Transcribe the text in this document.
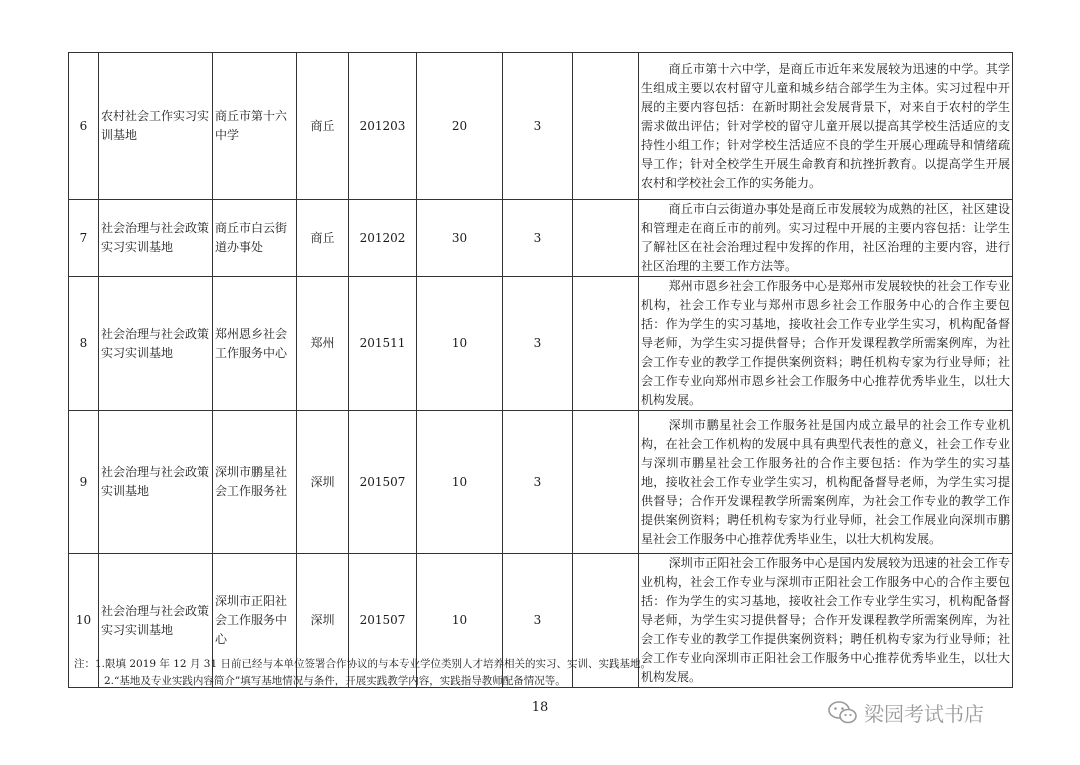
6	农村社会工作实习实训基地	商丘市第十六中学	商丘	201203	20	3		商丘市第十六中学，是商丘市近年来发展较为迅速的中学。其学生组成主要以农村留守儿童和城乡结合部学生为主体。实习过程中开展的主要内容包括：在新时期社会发展背景下，对来自于农村的学生需求做出评估；针对学校的留守儿童开展以提高其学校生活适应的支持性小组工作；针对学校生活适应不良的学生开展心理疏导和情绪疏导工作；针对全校学生开展生命教育和抗挫折教育。以提高学生开展农村和学校社会工作的实务能力。

7	社会治理与社会政策实习实训基地	商丘市白云街道办事处	商丘	201202	30	3		商丘市白云街道办事处是商丘市发展较为成熟的社区，社区建设和管理走在商丘市的前列。实习过程中开展的主要内容包括：让学生了解社区在社会治理过程中发挥的作用，社区治理的主要内容，进行社区治理的主要工作方法等。

8	社会治理与社会政策实习实训基地	郑州恩乡社会工作服务中心	郑州	201511	10	3		郑州市恩乡社会工作服务中心是郑州市发展较快的社会工作专业机构，社会工作专业与郑州市恩乡社会工作服务中心的合作主要包括：作为学生的实习基地，接收社会工作专业学生实习，机构配备督导老师，为学生实习提供督导；合作开发课程教学所需案例库，为社会工作专业的教学工作提供案例资料；聘任机构专家为行业导师；社会工作专业向郑州市恩乡社会工作服务中心推荐优秀毕业生，以壮大机构发展。

9	社会治理与社会政策实训基地	深圳市鹏星社会工作服务社	深圳	201507	10	3		深圳市鹏星社会工作服务社是国内成立最早的社会工作专业机构，在社会工作机构的发展中具有典型代表性的意义，社会工作专业与深圳市鹏星社会工作服务社的合作主要包括：作为学生的实习基地，接收社会工作专业学生实习，机构配备督导老师，为学生实习提供督导；合作开发课程教学所需案例库，为社会工作专业的教学工作提供案例资料；聘任机构专家为行业导师，社会工作展业向深圳市鹏星社会工作服务中心推荐优秀毕业生，以壮大机构发展。

10	社会治理与社会政策实习实训基地	深圳市正阳社会工作服务中心	深圳	201507	10	3		深圳市正阳社会工作服务中心是国内发展较为迅速的社会工作专业机构，社会工作专业与深圳市正阳社会工作服务中心的合作主要包括：作为学生的实习基地，接收社会工作专业学生实习，机构配备督导老师，为学生实习提供督导；合作开发课程教学所需案例库，为社会工作专业的教学工作提供案例资料；聘任机构专家为行业导师；社会工作专业向深圳市正阳社会工作服务中心推荐优秀毕业生，以壮大机构发展。

注：1.限填 2019 年 12 月 31 日前已经与本单位签署合作协议的与本专业学位类别人才培养相关的实习、实训、实践基地。
2.“基地及专业实践内容简介”填写基地情况与条件，开展实践教学内容，实践指导教师配备情况等。
18	梁园考试书店
